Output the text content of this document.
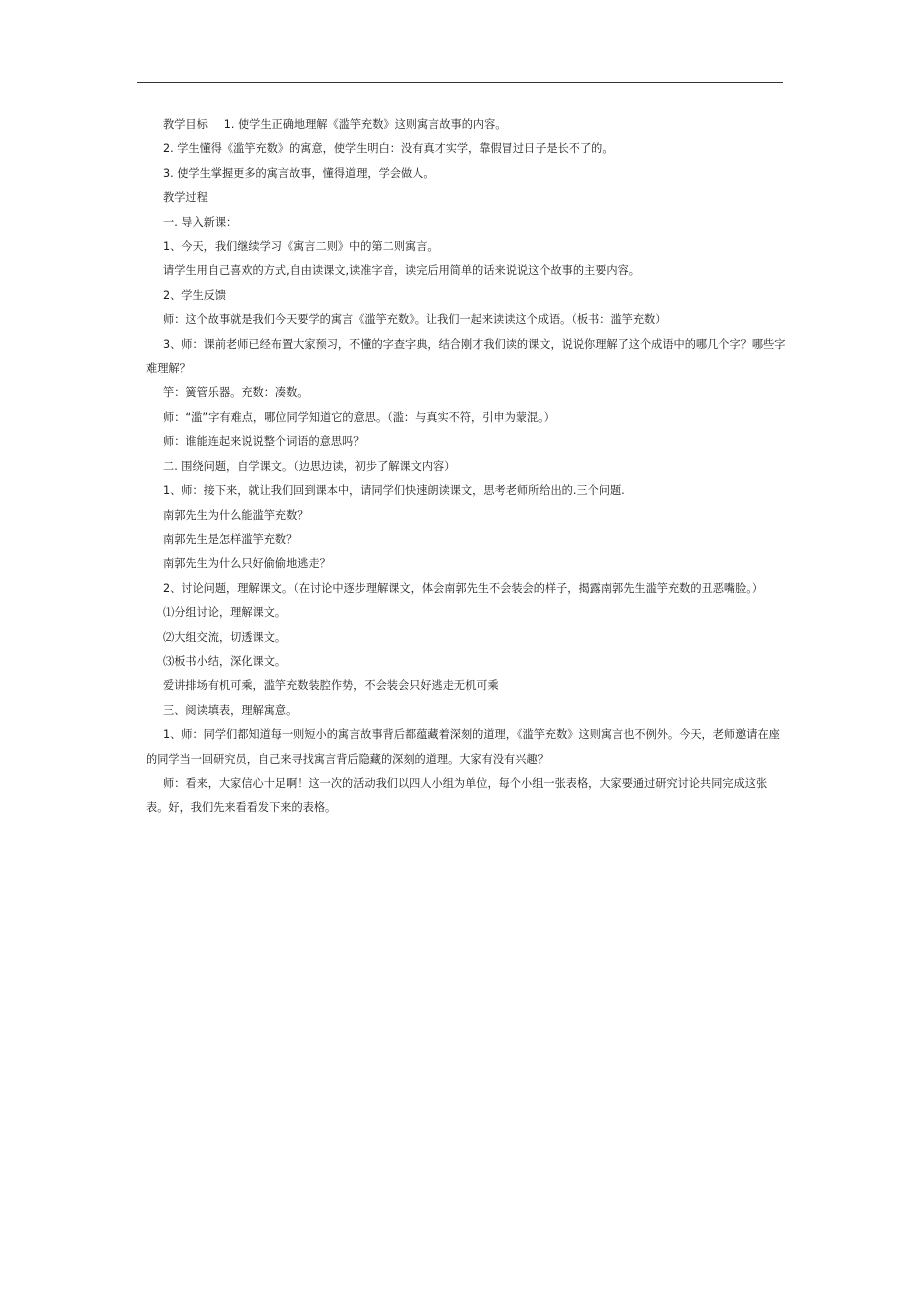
教学目标 1. 使学生正确地理解《滥竽充数》这则寓言故事的内容。

2. 学生懂得《滥竽充数》的寓意，使学生明白：没有真才实学，靠假冒过日子是长不了的。

3. 使学生掌握更多的寓言故事，懂得道理，学会做人。

教学过程

一. 导入新课：

1、今天，我们继续学习《寓言二则》中的第二则寓言。

请学生用自己喜欢的方式,自由读课文,读准字音，读完后用简单的话来说说这个故事的主要内容。

2、学生反馈

师：这个故事就是我们今天要学的寓言《滥竽充数》。让我们一起来读读这个成语。（板书：滥竽充数）

3、师：课前老师已经布置大家预习，不懂的字查字典，结合刚才我们读的课文，说说你理解了这个成语中的哪几个字？哪些字难理解？

竽：簧管乐器。充数：凑数。

师：“滥”字有难点，哪位同学知道它的意思。（滥：与真实不符，引申为蒙混。）

师：谁能连起来说说整个词语的意思吗？

二. 围绕问题，自学课文。（边思边读，初步了解课文内容）

1、师：接下来，就让我们回到课本中，请同学们快速朗读课文，思考老师所给出的.三个问题.

南郭先生为什么能滥竽充数？

南郭先生是怎样滥竽充数？

南郭先生为什么只好偷偷地逃走？

2、讨论问题，理解课文。（在讨论中逐步理解课文，体会南郭先生不会装会的样子，揭露南郭先生滥竽充数的丑恶嘴脸。）

⑴分组讨论，理解课文。

⑵大组交流，切透课文。

⑶板书小结，深化课文。

爱讲排场有机可乘，滥竽充数装腔作势，不会装会只好逃走无机可乘

三、阅读填表，理解寓意。

1、师：同学们都知道每一则短小的寓言故事背后都蕴藏着深刻的道理，《滥竽充数》这则寓言也不例外。今天，老师邀请在座的同学当一回研究员，自己来寻找寓言背后隐藏的深刻的道理。大家有没有兴趣？

师：看来，大家信心十足啊！这一次的活动我们以四人小组为单位，每个小组一张表格，大家要通过研究讨论共同完成这张表。好，我们先来看看发下来的表格。
